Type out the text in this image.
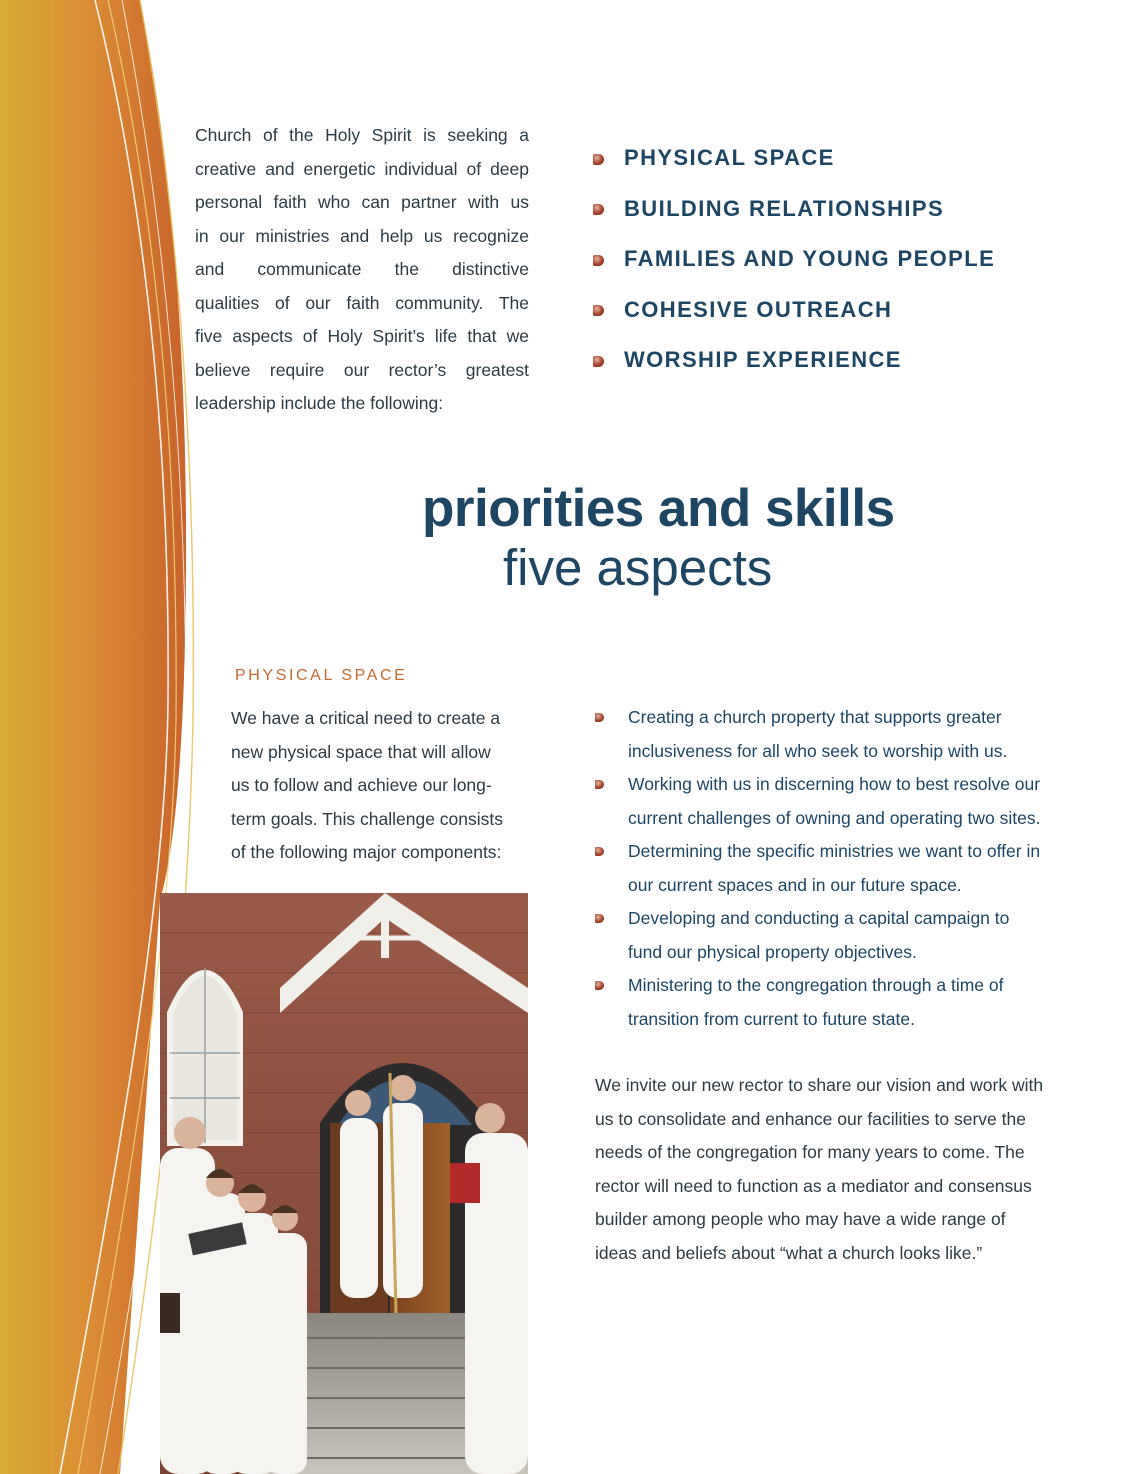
Church of the Holy Spirit is seeking a
creative and energetic individual of deep
personal faith who can partner with us
in our ministries and help us recognize
and communicate the distinctive
qualities of our faith community. The
five aspects of Holy Spirit’s life that we
believe require our rector’s greatest
leadership include the following:

PHYSICAL SPACE
BUILDING RELATIONSHIPS
FAMILIES AND YOUNG PEOPLE
COHESIVE OUTREACH
WORSHIP EXPERIENCE
priorities and skills
five aspects
PHYSICAL SPACE

We have a critical need to create a
new physical space that will allow
us to follow and achieve our long-
term goals. This challenge consists
of the following major components:

Creating a church property that supports greater
inclusiveness for all who seek to worship with us.
Working with us in discerning how to best resolve our
current challenges of owning and operating two sites.
Determining the specific ministries we want to offer in
our current spaces and in our future space.
Developing and conducting a capital campaign to
fund our physical property objectives.
Ministering to the congregation through a time of
transition from current to future state.

We invite our new rector to share our vision and work with
us to consolidate and enhance our facilities to serve the
needs of the congregation for many years to come. The
rector will need to function as a mediator and consensus
builder among people who may have a wide range of
ideas and beliefs about “what a church looks like.”
